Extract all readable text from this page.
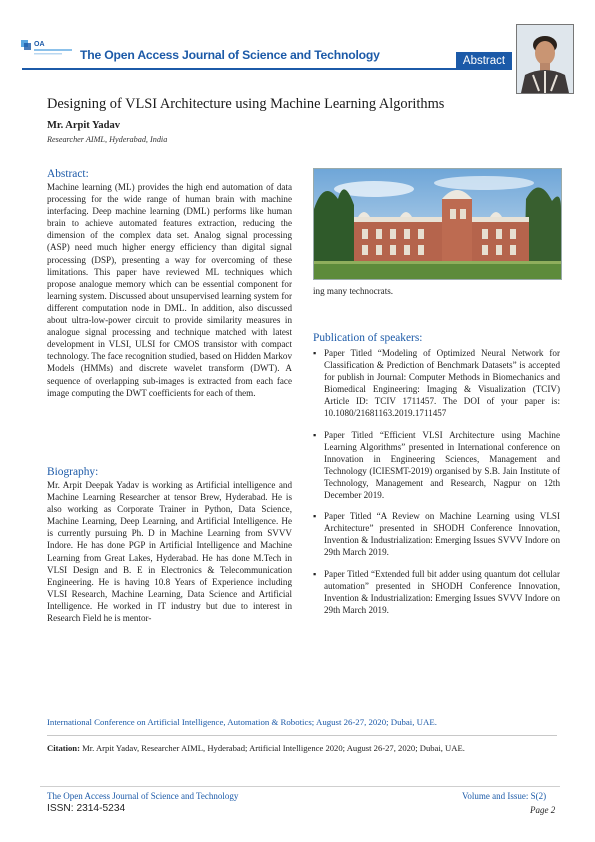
OA
The Open Access Journal of Science and Technology	Abstract
Designing of VLSI Architecture using Machine Learning Algorithms
Mr. Arpit Yadav
Researcher AIML, Hyderabad, India
Abstract:

Machine learning (ML) provides the high end automation of data processing for the wide range of human brain with machine interfacing. Deep machine learning (DML) performs like human brain to achieve automated features extraction, reducing the dimension of the complex data set. Analog signal processing (ASP) need much higher energy efficiency than digital signal processing (DSP), presenting a way for overcoming of these limitations. This paper have reviewed ML techniques which propose analogue memory which can be essential component for learning system. Discussed about unsupervised learning system for different computation node in DML. In addition, also discussed about ultra-low-power circuit to provide similarity measures in analogue signal processing and technique matched with latest development in VLSI, ULSI for CMOS transistor with compact technology. The face recognition studied, based on Hidden Markov Models (HMMs) and discrete wavelet transform (DWT). A sequence of overlapping sub-images is extracted from each face image computing the DWT coefficients for each of them.

Biography:

Mr. Arpit Deepak Yadav is working as Artificial intelligence and Machine Learning Researcher at tensor Brew, Hyderabad. He is also working as Corporate Trainer in Python, Data Science, Machine Learning, Deep Learning, and Artificial Intelligence. He is currently pursuing Ph. D in Machine Learning from SVVV Indore. He has done PGP in Artificial Intelligence and Machine Learning from Great Lakes, Hyderabad. He has done M.Tech in VLSI Design and B. E in Electronics & Telecommunication Engineering. He is having 10.8 Years of Experience including VLSI Research, Machine Learning, Data Science and Artificial Intelligence. He worked in IT industry but due to interest in Research Field he is mentor-

ing many technocrats.
Publication of speakers:
▪ Paper Titled “Modeling of Optimized Neural Network for Classification & Prediction of Benchmark Datasets” is accepted for publish in Journal: Computer Methods in Biomechanics and Biomedical Engineering: Imaging & Visualization (TCIV) Article ID: TCIV 1711457. The DOI of your paper is: 10.1080/21681163.2019.1711457
▪ Paper Titled “Efficient VLSI Architecture using Machine Learning Algorithms” presented in International conference on Innovation in Engineering Sciences, Management and Technology (ICIESMT-2019) organised by S.B. Jain Institute of Technology, Management and Research, Nagpur on 12th December 2019.
▪ Paper Titled “A Review on Machine Learning using VLSI Architecture” presented in SHODH Conference Innovation, Invention & Industrialization: Emerging Issues SVVV Indore on 29th March 2019.
▪ Paper Titled “Extended full bit adder using quantum dot cellular automation” presented in SHODH Conference Innovation, Invention & Industrialization: Emerging Issues SVVV Indore on 29th March 2019.
International Conference on Artificial Intelligence, Automation & Robotics; August 26-27, 2020; Dubai, UAE.
Citation: Mr. Arpit Yadav, Researcher AIML, Hyderabad; Artificial Intelligence 2020; August 26-27, 2020; Dubai, UAE.
The Open Access Journal of Science and Technology
ISSN: 2314-5234
Volume and Issue: S(2)
Page 2
